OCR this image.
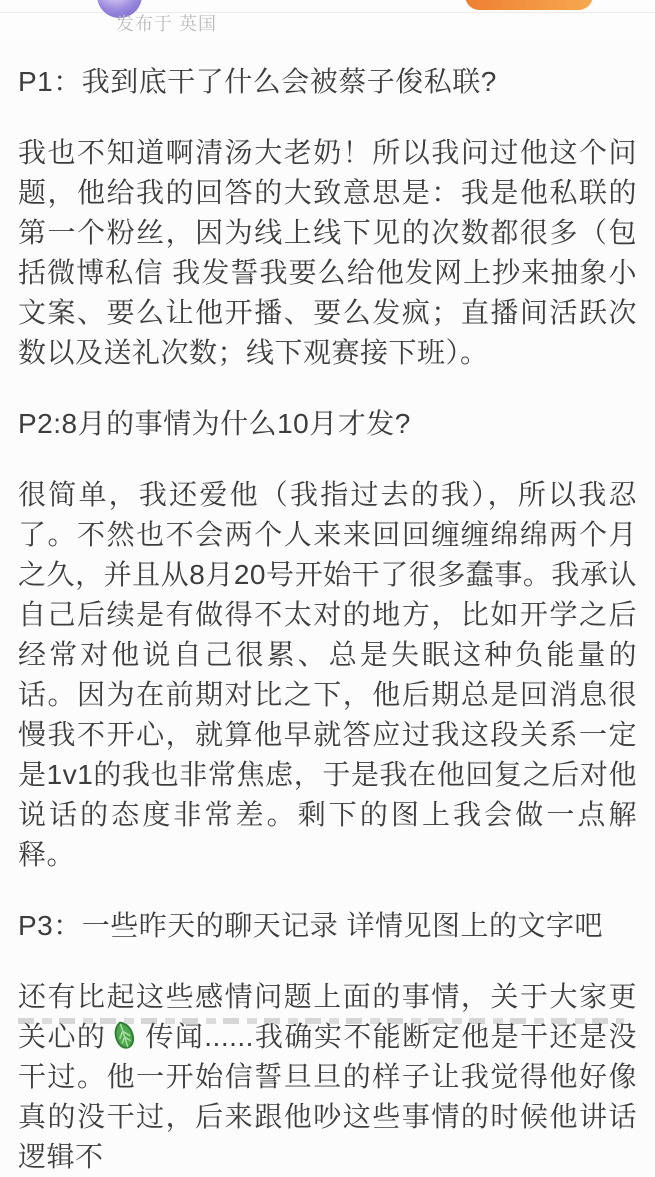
发布于 英国

P1：我到底干了什么会被蔡子俊私联?

我也不知道啊清汤大老奶！所以我问过他这个问题，他给我的回答的大致意思是：我是他私联的第一个粉丝，因为线上线下见的次数都很多（包括微博私信 我发誓我要么给他发网上抄来抽象小文案、要么让他开播、要么发疯；直播间活跃次数以及送礼次数；线下观赛接下班）。

P2:8月的事情为什么10月才发?

很简单，我还爱他（我指过去的我），所以我忍了。不然也不会两个人来来回回缠缠绵绵两个月之久，并且从8月20号开始干了很多蠢事。我承认自己后续是有做得不太对的地方，比如开学之后经常对他说自己很累、总是失眠这种负能量的话。因为在前期对比之下，他后期总是回消息很慢我不开心，就算他早就答应过我这段关系一定是1v1的我也非常焦虑，于是我在他回复之后对他说话的态度非常差。剩下的图上我会做一点解释。

P3：一些昨天的聊天记录 详情见图上的文字吧

还有比起这些感情问题上面的事情，关于大家更关心的 传闻......我确实不能断定他是干还是没干过。他一开始信誓旦旦的样子让我觉得他好像真的没干过，后来跟他吵这些事情的时候他讲话逻辑不
